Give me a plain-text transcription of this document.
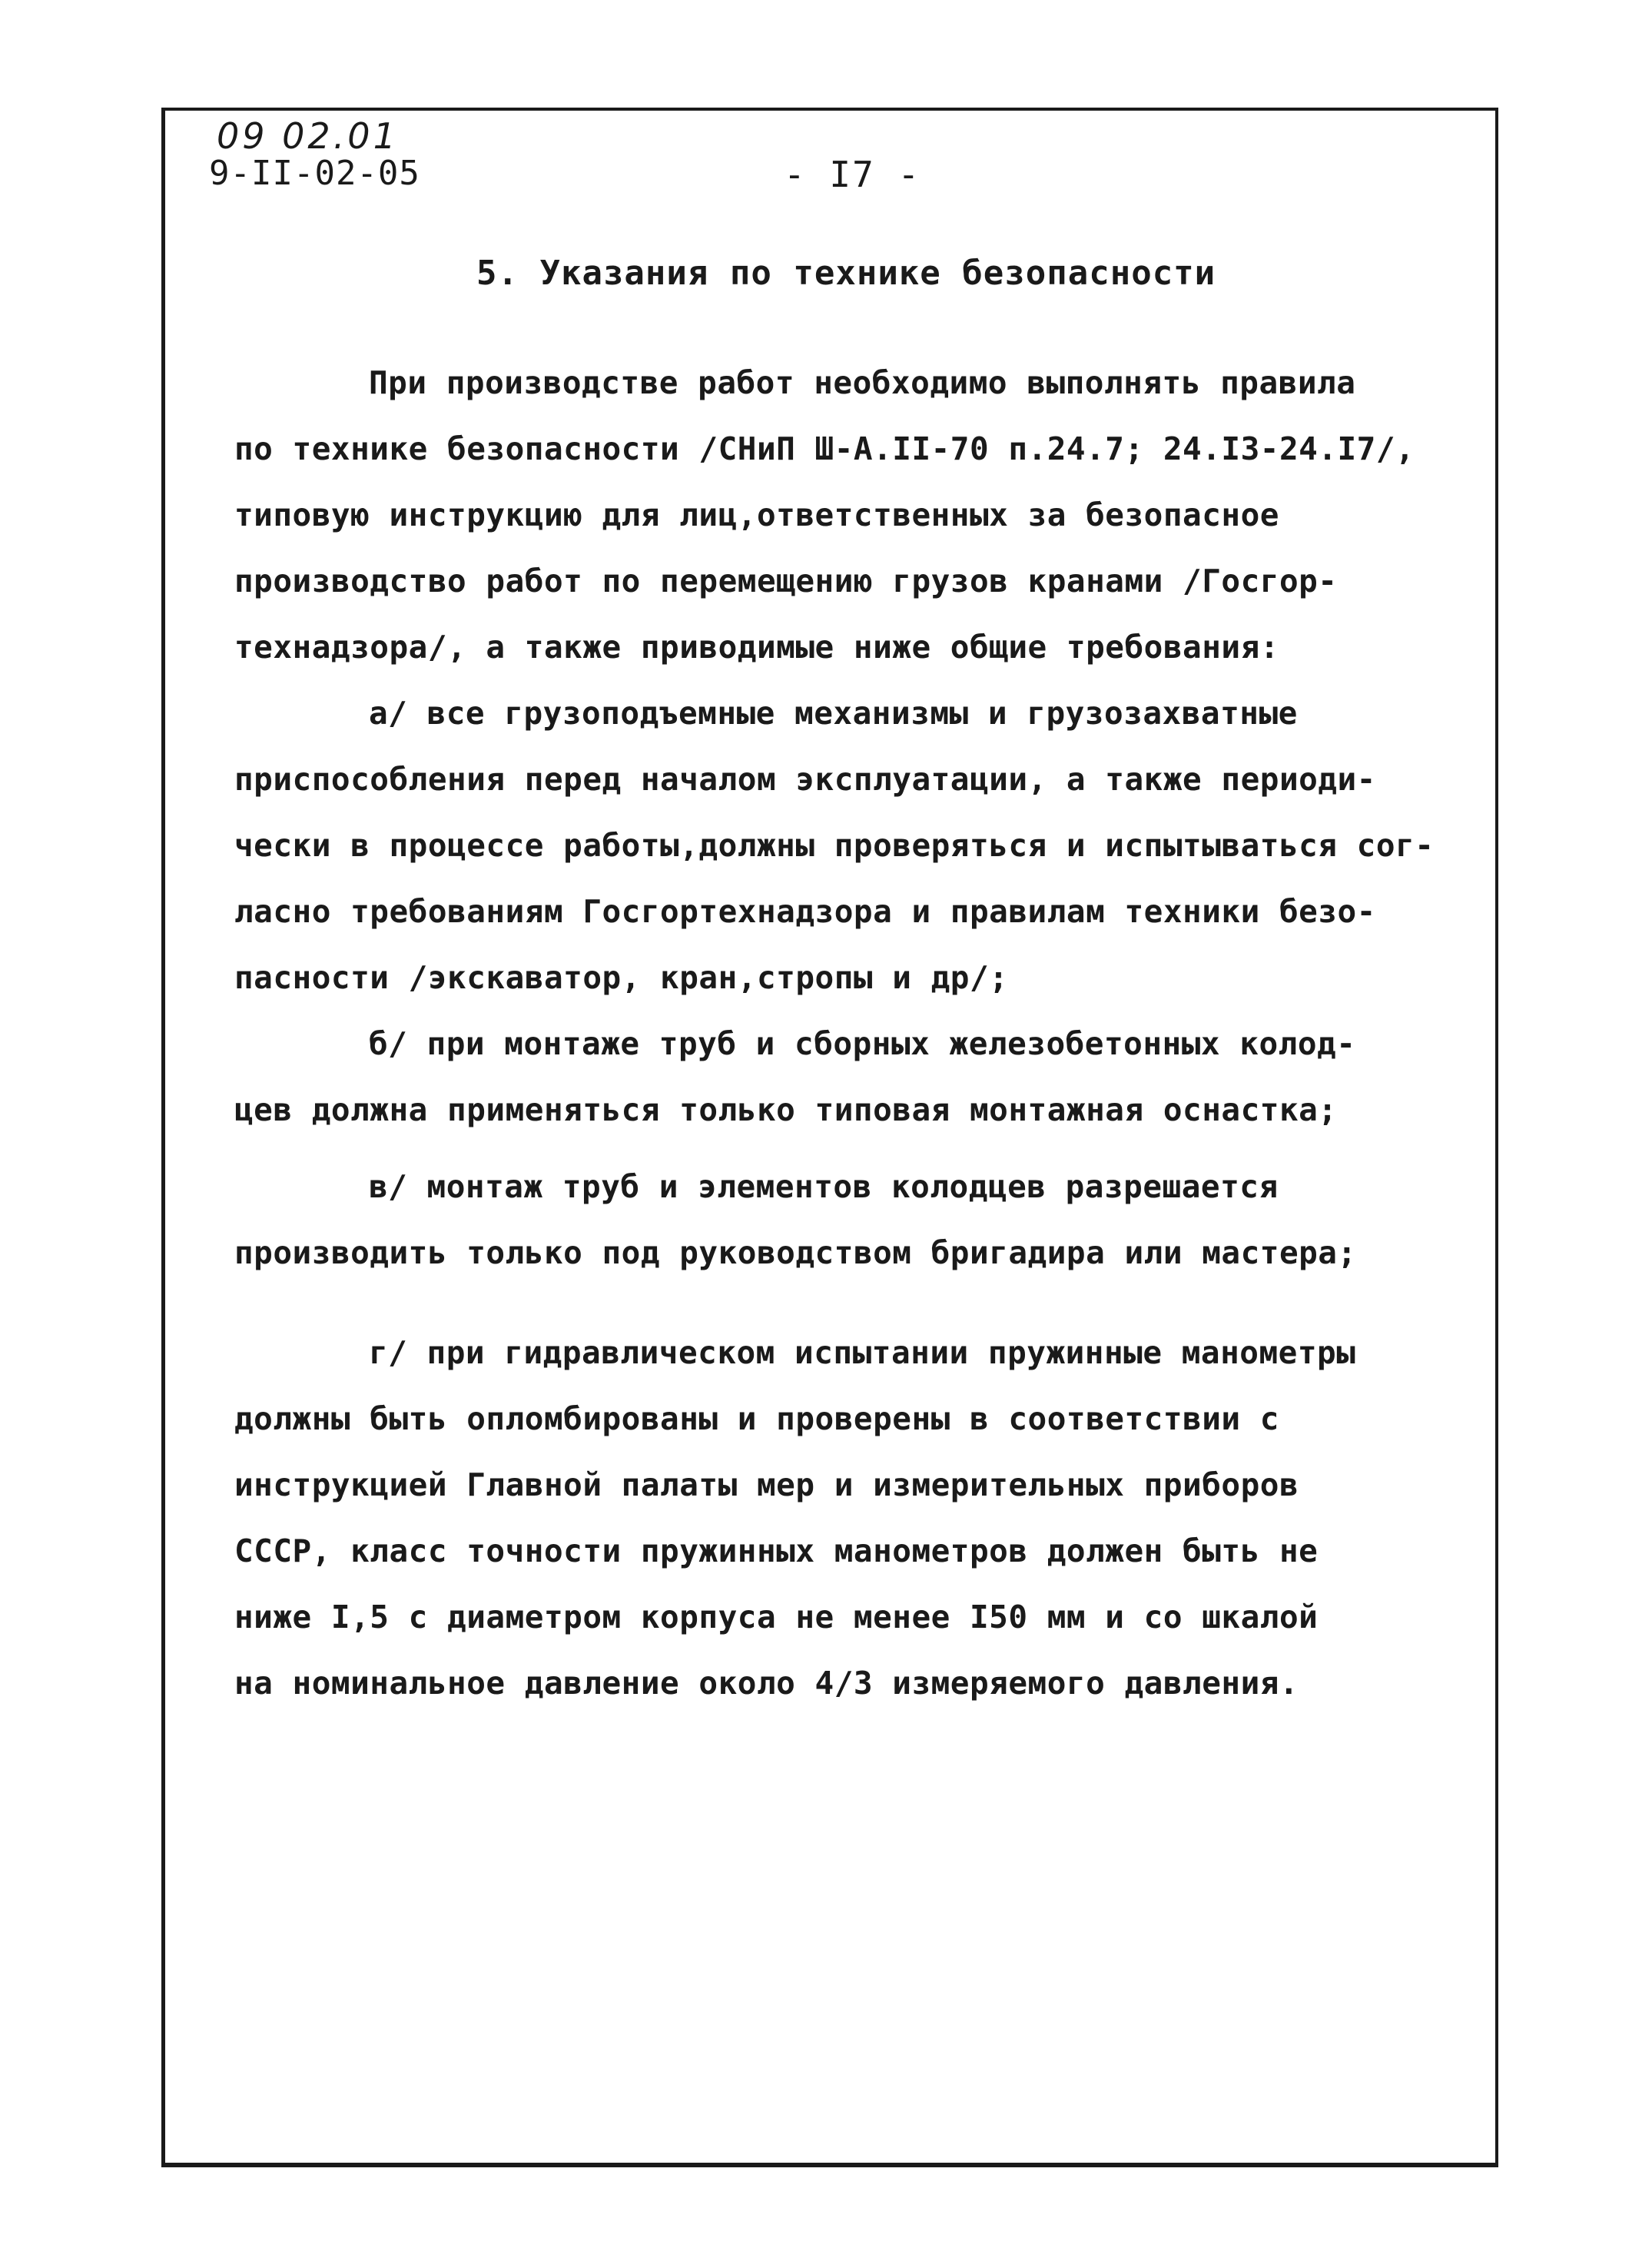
09 02.01
9-II-02-05	- I7 -
5. Указания по технике безопасности
При производстве работ необходимо выполнять правила
по технике безопасности /СНиП Ш-А.II-70 п.24.7; 24.I3-24.I7/,
типовую инструкцию для лиц,ответственных за безопасное
производство работ по перемещению грузов кранами /Госгор-
технадзора/, а также приводимые ниже общие требования:
а/ все грузоподъемные механизмы и грузозахватные
приспособления перед началом эксплуатации, а также периоди-
чески в процессе работы,должны проверяться и испытываться сог-
ласно требованиям Госгортехнадзора и правилам техники безо-
пасности /экскаватор, кран,стропы и др/;
б/ при монтаже труб и сборных железобетонных колод-
цев должна применяться только типовая монтажная оснастка;
в/ монтаж труб и элементов колодцев разрешается
производить только под руководством бригадира или мастера;
г/ при гидравлическом испытании пружинные манометры
должны быть опломбированы и проверены в соответствии с
инструкцией Главной палаты мер и измерительных приборов
СССР, класс точности пружинных манометров должен быть не
ниже I,5 с диаметром корпуса не менее I50 мм и со шкалой
на номинальное давление около 4/3 измеряемого давления.
